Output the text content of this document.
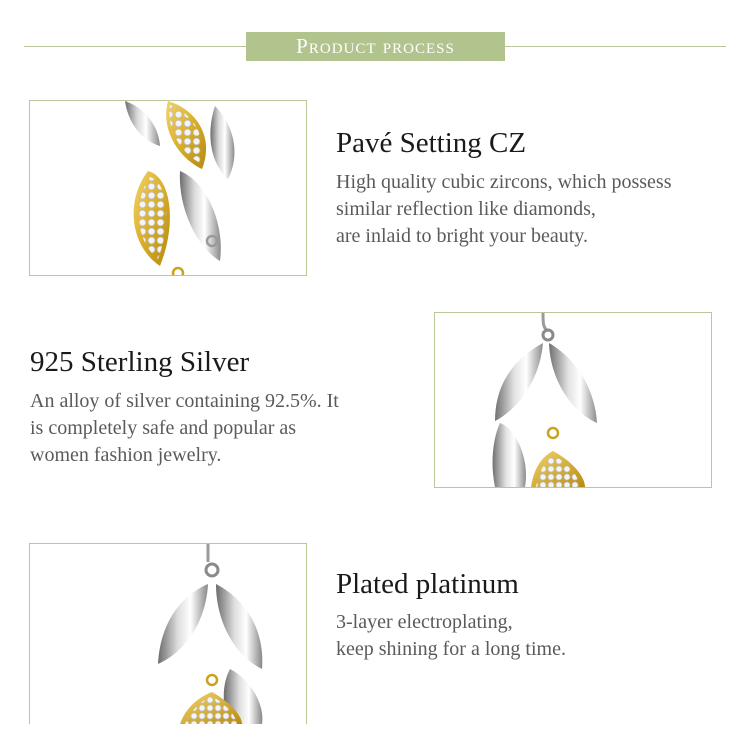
Product process
Pavé Setting CZ
High quality cubic zircons, which possess
similar reflection like diamonds,
are inlaid to bright your beauty.
925 Sterling Silver
An alloy of silver containing 92.5%. It
is completely safe and popular as
women fashion jewelry.
Plated platinum
3-layer electroplating,
keep shining for a long time.
